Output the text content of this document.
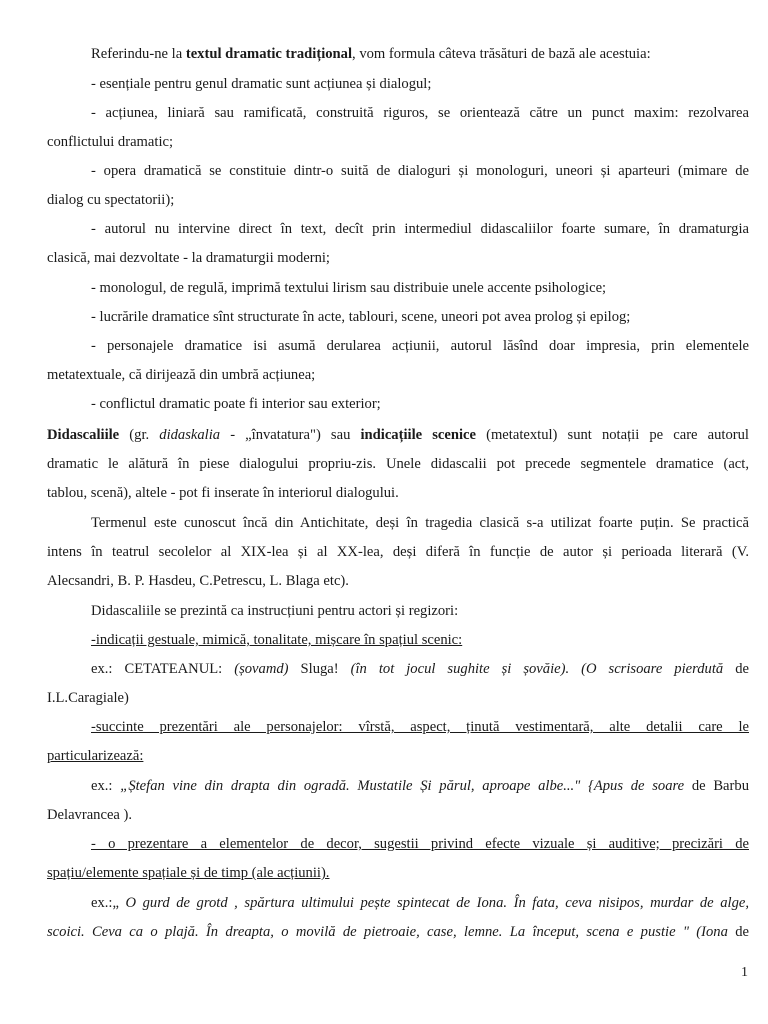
Referindu-ne la textul dramatic tradițional, vom formula câteva trăsături de bază ale acestuia:
- esențiale pentru genul dramatic sunt acțiunea și dialogul;
- acțiunea, liniară sau ramificată, construită riguros, se orientează către un punct maxim: rezolvarea
conflictului dramatic;
- opera dramatică se constituie dintr-o suită de dialoguri și monologuri, uneori și aparteuri (mimare de
dialog cu spectatorii);
- autorul nu intervine direct în text, decît prin intermediul didascaliilor foarte sumare, în dramaturgia
clasică, mai dezvoltate - la dramaturgii moderni;
- monologul, de regulă, imprimă textului lirism sau distribuie unele accente psihologice;
- lucrările dramatice sînt structurate în acte, tablouri, scene, uneori pot avea prolog și epilog;
- personajele dramatice isi asumă derularea acțiunii, autorul lăsînd doar impresia, prin elementele
metatextuale, că dirijează din umbră acțiunea;
- conflictul dramatic poate fi interior sau exterior;
Didascaliile (gr. didaskalia - „învatatura") sau indicațiile scenice (metatextul) sunt notații pe care autorul
dramatic le alătură în piese dialogului propriu-zis. Unele didascalii pot precede segmentele dramatice (act,
tablou, scenă), altele - pot fi inserate în interiorul dialogului.
Termenul este cunoscut încă din Antichitate, deși în tragedia clasică s-a utilizat foarte puțin. Se practică
intens în teatrul secolelor al XIX-lea și al XX-lea, deși diferă în funcție de autor și perioada literară (V.
Alecsandri, B. P. Hasdeu, C.Petrescu, L. Blaga etc).
Didascaliile se prezintă ca instrucțiuni pentru actori și regizori:
-indicații gestuale, mimică, tonalitate, mișcare în spațiul scenic:
ex.: CETATEANUL: (șovamd) Sluga! (în tot jocul sughite și șovăie). (O scrisoare pierdută de
I.L.Caragiale)
-succinte prezentări ale personajelor: vîrstă, aspect, ținută vestimentară, alte detalii care le
particularizează:
ex.: „Ștefan vine din drapta din ogradă. Mustatile Și părul, aproape albe..." {Apus de soare de Barbu
Delavrancea ).
- o prezentare a elementelor de decor, sugestii privind efecte vizuale și auditive; precizări de
spațiu/elemente spațiale și de timp (ale acțiunii).
ex.:„ O gurd de grotd , spărtura ultimului pește spintecat de Iona. În fata, ceva nisipos, murdar de alge,
scoici. Ceva ca o plajă. În dreapta, o movilă de pietroaie, case, lemne. La început, scena e pustie " (Iona de
1
